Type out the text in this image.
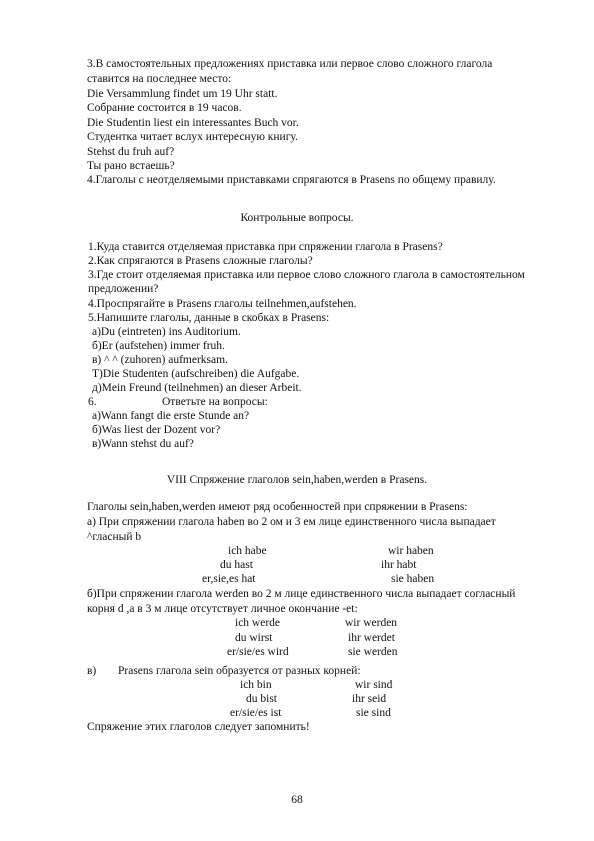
3.В самостоятельных предложениях приставка или первое слово сложного глагола
ставится на последнее место:
Die Versammlung findet um 19 Uhr statt.
Собрание состоится в 19 часов.
Die Studentin liest ein interessantes Buch vor.
Студентка читает вслух интересную книгу.
Stehst du fruh auf?
Ты рано встаешь?
4.Глаголы с неотделяемыми приставками спрягаются в Prasens по общему правилу.
Контрольные вопросы.
1.Куда ставится отделяемая приставка при спряжении глагола в Prasens?
2.Как спрягаются в Prasens сложные глаголы?
3.Где стоит отделяемая приставка или первое слово сложного глагола в самостоятельном
предложении?
4.Проспрягайте в Prasens глаголы teilnehmen,aufstehen.
5.Напишите глаголы, данные в скобках в Prasens:
а)Du (eintreten) ins Auditorium.
б)Er (aufstehen) immer fruh.
в) ^ ^ (zuhoren) aufmerksam.
T)Die Studenten (aufschreiben) die Aufgabe.
д)Mein Freund (teilnehmen) an dieser Arbeit.
6.	Ответьте на вопросы:
а)Wann fangt die erste Stunde an?
б)Was liest der Dozent vor?
в)Wann stehst du auf?
VIII Спряжение глаголов sein,haben,werden в Prasens.
Глаголы sein,haben,werden имеют ряд особенностей при спряжении в Prasens:
а) При спряжении глагола haben во 2 ом и 3 ем лице единственного числа выпадает
^гласный b
ich habe
du hast
er,sie,es hat
wir haben
ihr habt
sie haben
б)При спряжении глагола werden во 2 м лице единственного числа выпадает согласный
корня d ,а в 3 м лице отсутствует личное окончание -et:
ich werde
du wirst
er/sie/es wird
wir werden
ihr werdet
sie werden
в) Prasens глагола sein образуется от разных корней:
ich bin
du bist
er/sie/es ist
wir sind
ihr seid
sie sind
Спряжение этих глаголов следует запомнить!
68
